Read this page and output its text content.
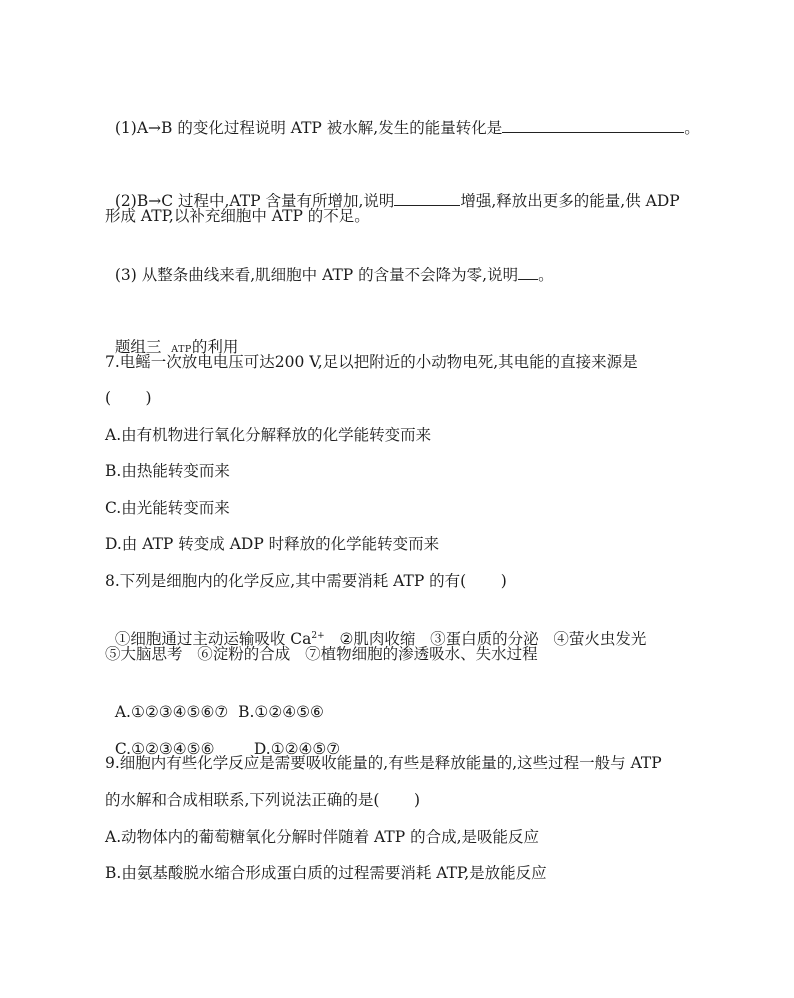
(1)A→B 的变化过程说明 ATP 被水解,发生的能量转化是	。

(2)B→C 过程中,ATP 含量有所增加,说明	增强,释放出更多的能量,供 ADP

形成 ATP,以补充细胞中 ATP 的不足。

(3) 从整条曲线来看,肌细胞中 ATP 的含量不会降为零,说明 。

题组三 ATP的利用

7.电鳐一次放电电压可达200 V,足以把附近的小动物电死,其电能的直接来源是
(       )
A.由有机物进行氧化分解释放的化学能转变而来
B.由热能转变而来
C.由光能转变而来
D.由 ATP 转变成 ADP 时释放的化学能转变而来
8.下列是细胞内的化学反应,其中需要消耗 ATP 的有(       )

①细胞通过主动运输吸收 $Ca^{2+}$   ②肌肉收缩   ③蛋白质的分泌   ④萤火虫发光

⑤大脑思考   ⑥淀粉的合成   ⑦植物细胞的渗透吸水、失水过程

A.①②③④⑤⑥⑦ B.①②④⑤⑥

C.①②③④⑤⑥	D.①②④⑤⑦

9.细胞内有些化学反应是需要吸收能量的,有些是释放能量的,这些过程一般与 ATP
的水解和合成相联系,下列说法正确的是(       )
A.动物体内的葡萄糖氧化分解时伴随着 ATP 的合成,是吸能反应
B.由氨基酸脱水缩合形成蛋白质的过程需要消耗 ATP,是放能反应
